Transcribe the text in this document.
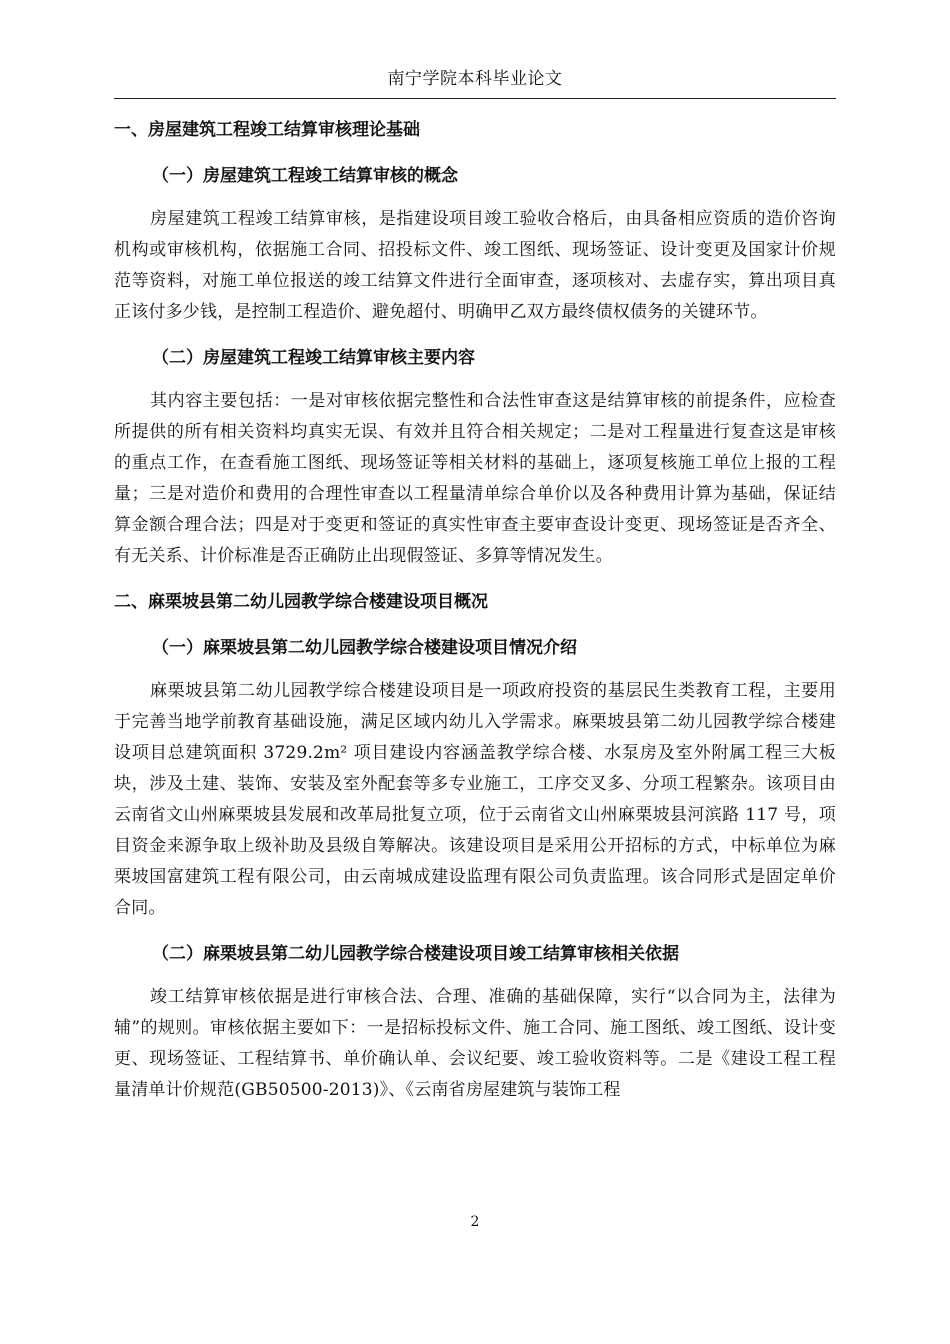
南宁学院本科毕业论文
一、房屋建筑工程竣工结算审核理论基础
（一）房屋建筑工程竣工结算审核的概念

房屋建筑工程竣工结算审核，是指建设项目竣工验收合格后，由具备相应资质的造价咨询机构或审核机构，依据施工合同、招投标文件、竣工图纸、现场签证、设计变更及国家计价规范等资料，对施工单位报送的竣工结算文件进行全面审查，逐项核对、去虚存实，算出项目真正该付多少钱，是控制工程造价、避免超付、明确甲乙双方最终债权债务的关键环节。

（二）房屋建筑工程竣工结算审核主要内容

其内容主要包括：一是对审核依据完整性和合法性审查这是结算审核的前提条件，应检查所提供的所有相关资料均真实无误、有效并且符合相关规定；二是对工程量进行复查这是审核的重点工作，在查看施工图纸、现场签证等相关材料的基础上，逐项复核施工单位上报的工程量；三是对造价和费用的合理性审查以工程量清单综合单价以及各种费用计算为基础，保证结算金额合理合法；四是对于变更和签证的真实性审查主要审查设计变更、现场签证是否齐全、有无关系、计价标准是否正确防止出现假签证、多算等情况发生。

二、麻栗坡县第二幼儿园教学综合楼建设项目概况
（一）麻栗坡县第二幼儿园教学综合楼建设项目情况介绍

麻栗坡县第二幼儿园教学综合楼建设项目是一项政府投资的基层民生类教育工程，主要用于完善当地学前教育基础设施，满足区域内幼儿入学需求。麻栗坡县第二幼儿园教学综合楼建设项目总建筑面积 3729.2m² 项目建设内容涵盖教学综合楼、水泵房及室外附属工程三大板块，涉及土建、装饰、安装及室外配套等多专业施工，工序交叉多、分项工程繁杂。该项目由云南省文山州麻栗坡县发展和改革局批复立项，位于云南省文山州麻栗坡县河滨路 117 号，项目资金来源争取上级补助及县级自筹解决。该建设项目是采用公开招标的方式，中标单位为麻栗坡国富建筑工程有限公司，由云南城成建设监理有限公司负责监理。该合同形式是固定单价合同。

（二）麻栗坡县第二幼儿园教学综合楼建设项目竣工结算审核相关依据

竣工结算审核依据是进行审核合法、合理、准确的基础保障，实行“以合同为主，法律为辅”的规则。审核依据主要如下：一是招标投标文件、施工合同、施工图纸、竣工图纸、设计变更、现场签证、工程结算书、单价确认单、会议纪要、竣工验收资料等。二是《建设工程工程量清单计价规范(GB50500-2013)》、《云南省房屋建筑与装饰工程

2
